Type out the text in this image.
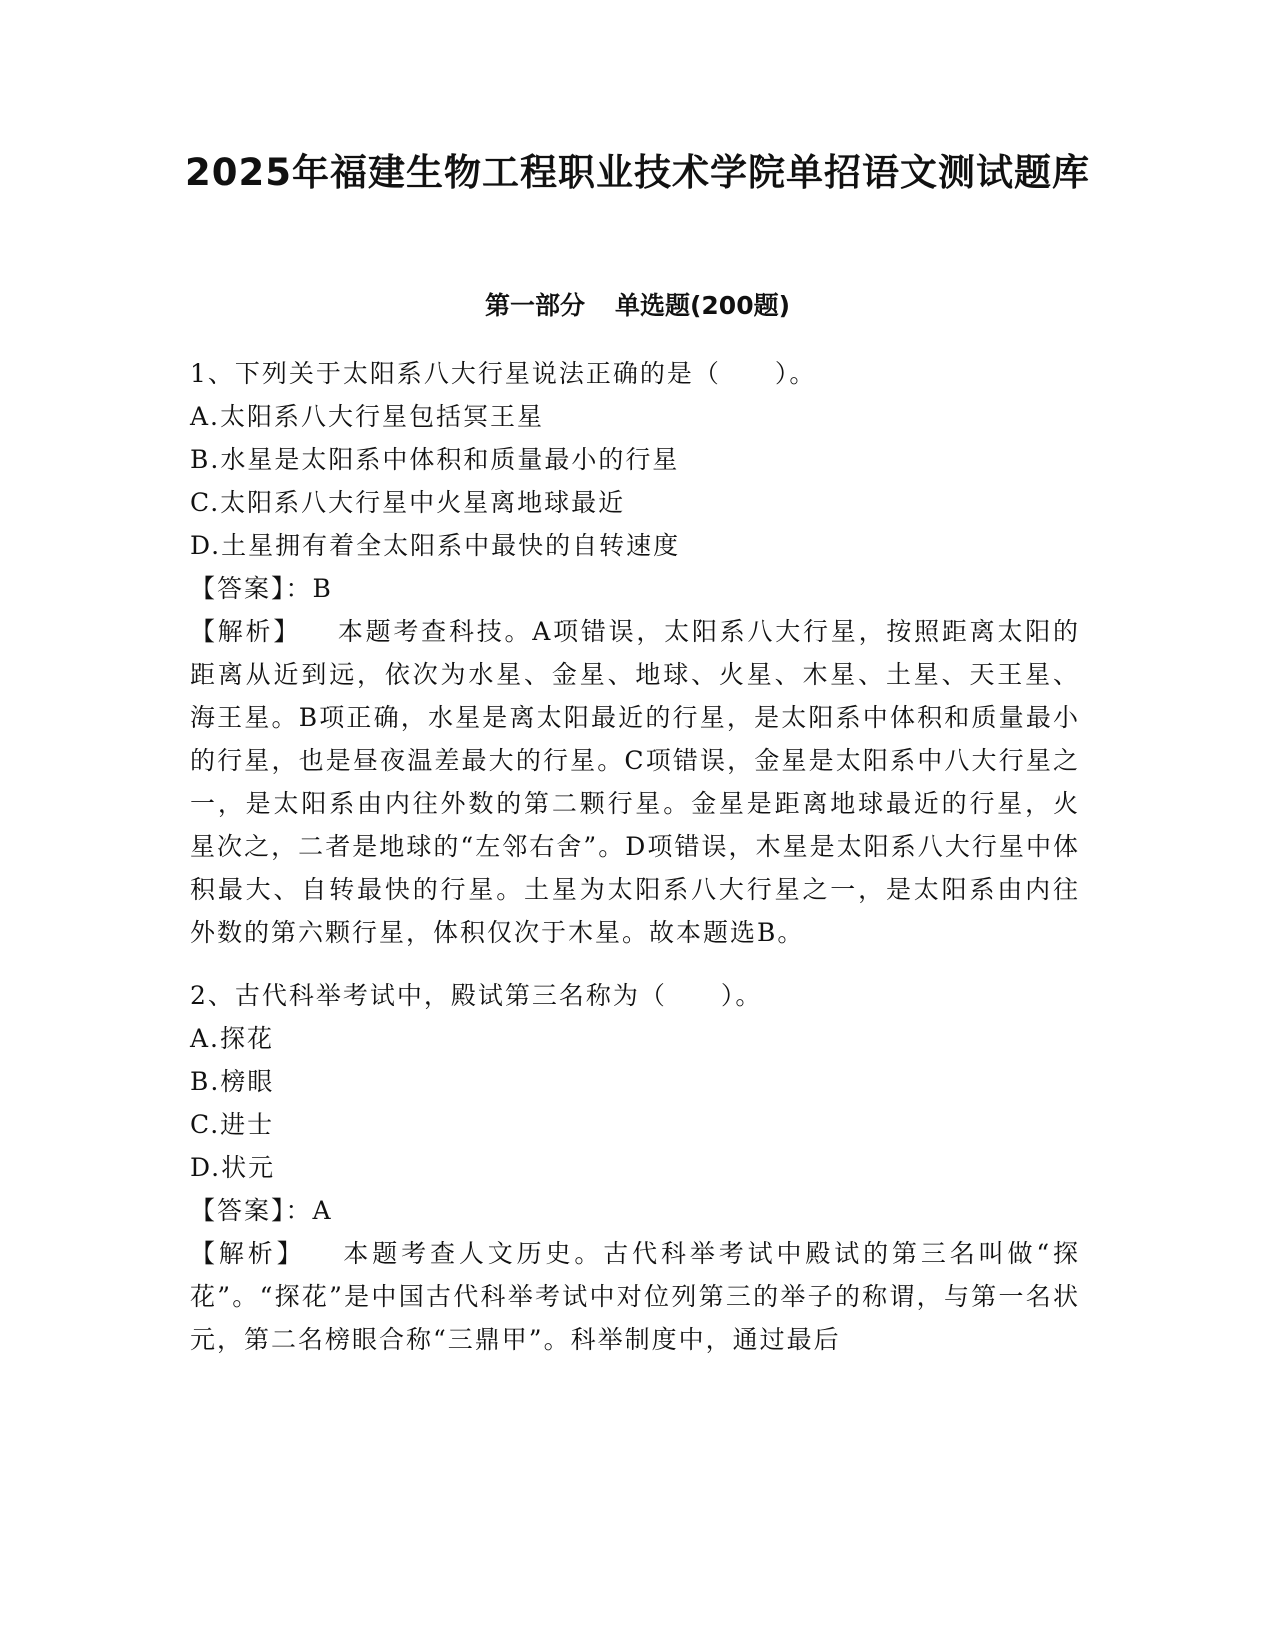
2025年福建生物工程职业技术学院单招语文测试题库
第一部分 单选题(200题)

1、下列关于太阳系八大行星说法正确的是（　　）。

A.太阳系八大行星包括冥王星

B.水星是太阳系中体积和质量最小的行星

C.太阳系八大行星中火星离地球最近

D.土星拥有着全太阳系中最快的自转速度

【答案】：B

【解析】 本题考查科技。A项错误，太阳系八大行星，按照距离太阳的距离从近到远，依次为水星、金星、地球、火星、木星、土星、天王星、海王星。B项正确，水星是离太阳最近的行星，是太阳系中体积和质量最小的行星，也是昼夜温差最大的行星。C项错误，金星是太阳系中八大行星之一，是太阳系由内往外数的第二颗行星。金星是距离地球最近的行星，火星次之，二者是地球的“左邻右舍”。D项错误，木星是太阳系八大行星中体积最大、自转最快的行星。土星为太阳系八大行星之一，是太阳系由内往外数的第六颗行星，体积仅次于木星。故本题选B。

2、古代科举考试中，殿试第三名称为（　　）。

A.探花

B.榜眼

C.进士

D.状元

【答案】：A

【解析】 本题考查人文历史。古代科举考试中殿试的第三名叫做“探花”。“探花”是中国古代科举考试中对位列第三的举子的称谓，与第一名状元，第二名榜眼合称“三鼎甲”。科举制度中，通过最后
